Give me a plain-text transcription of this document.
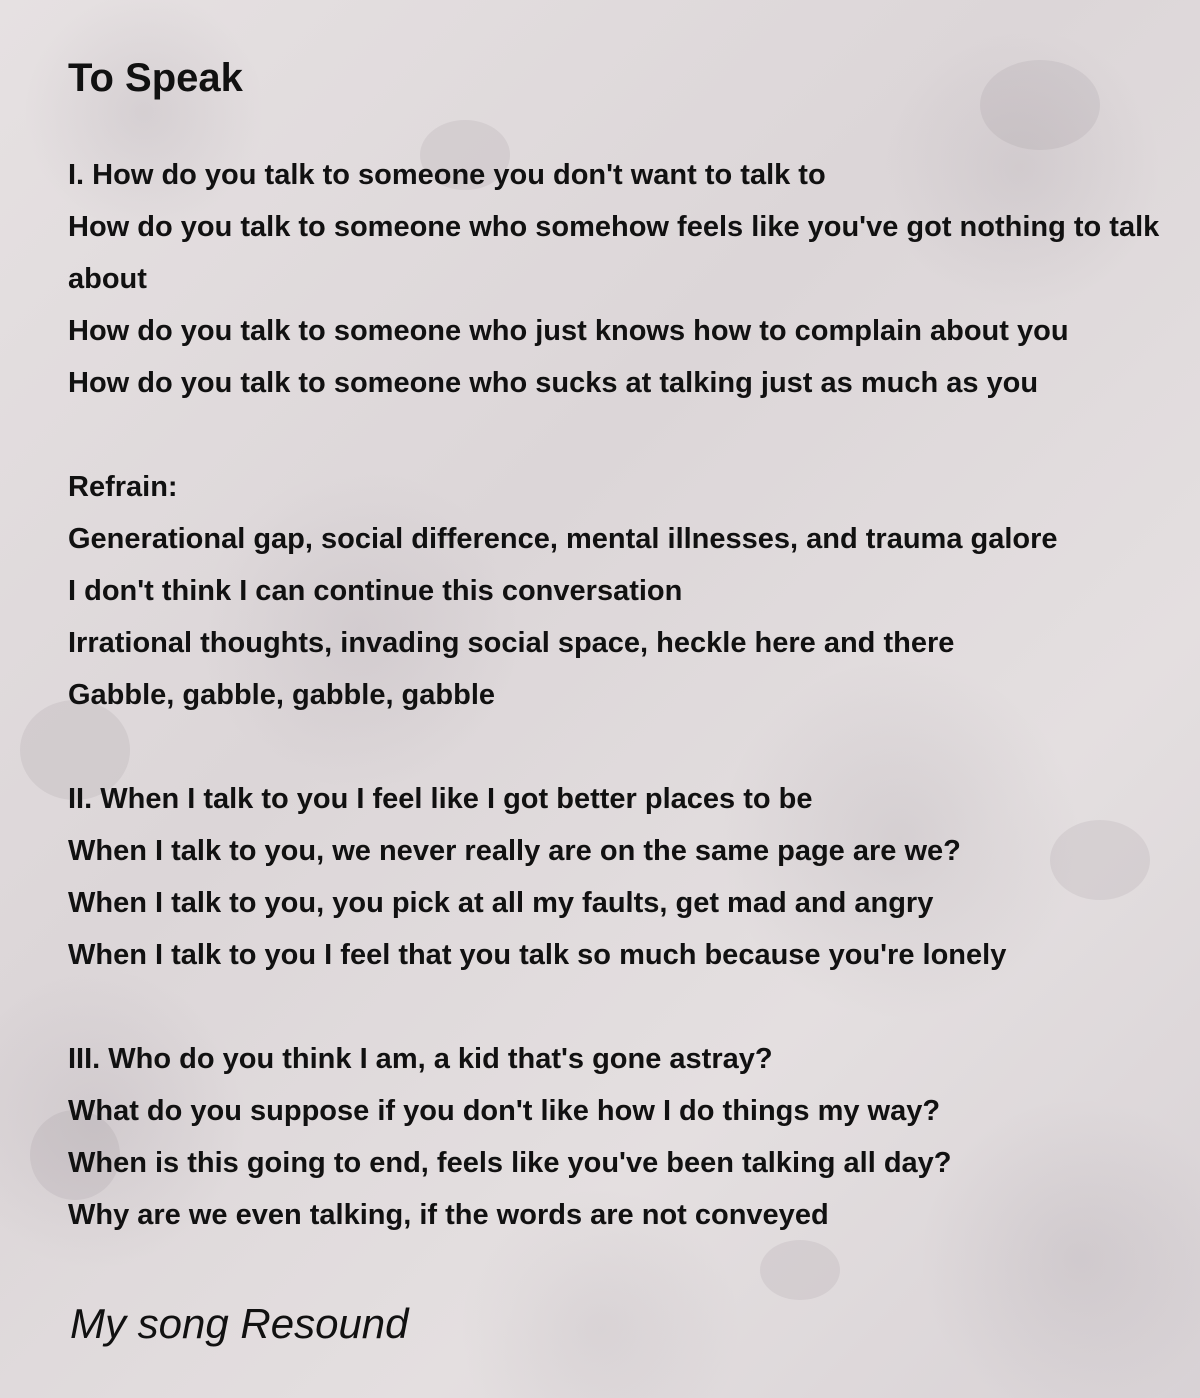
To Speak
I. How do you talk to someone you don't want to talk to
How do you talk to someone who somehow feels like you've got nothing to talk about
How do you talk to someone who just knows how to complain about you
How do you talk to someone who sucks at talking just as much as you
Refrain:
Generational gap, social difference, mental illnesses, and trauma galore
I don't think I can continue this conversation
Irrational thoughts, invading social space, heckle here and there
Gabble, gabble, gabble, gabble
II. When I talk to you I feel like I got better places to be
When I talk to you, we never really are on the same page are we?
When I talk to you, you pick at all my faults, get mad and angry
When I talk to you I feel that you talk so much because you're lonely
III. Who do you think I am, a kid that's gone astray?
What do you suppose if you don't like how I do things my way?
When is this going to end, feels like you've been talking all day?
Why are we even talking, if the words are not conveyed

My song Resound
